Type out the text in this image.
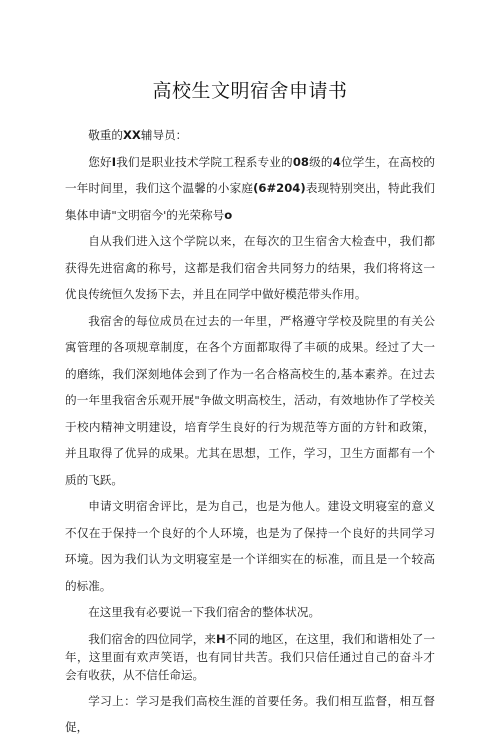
高校生文明宿舍申请书

敬重的XX辅导员：

您好I我们是职业技术学院工程系专业的08级的4位学生，在高校的一年时间里，我们这个温馨的小家庭(6#204)表现特别突出，特此我们集体申请"文明宿今'的光荣称号o

自从我们进入这个学院以来，在每次的卫生宿舍大检查中，我们都获得先进宿禽的称号，这都是我们宿舍共同努力的结果，我们将将这一优良传统恒久发扬下去，并且在同学中做好模范带头作用。

我宿舍的每位成员在过去的一年里，严格遵守学校及院里的有关公寓管理的各项规章制度，在各个方面都取得了丰硕的成果。经过了大一的磨练，我们深刻地体会到了作为一名合格高校生的,基本素养。在过去的一年里我宿舍乐观开展"争做文明高校生，活动，有效地协作了学校关于校内精神文明建设，培育学生良好的行为规范等方面的方针和政策，并且取得了优异的成果。尤其在思想，工作，学习，卫生方面都有一个质的飞跃。

申请文明宿舍评比，是为自己，也是为他人。建设文明寝室的意义不仅在于保持一个良好的个人环境，也是为了保持一个良好的共同学习环境。因为我们认为文明寝室是一个详细实在的标准，而且是一个较高的标准。

在这里我有必要说一下我们宿舍的整体状况。

我们宿舍的四位同学，来H不同的地区，在这里，我们和谐相处了一年，这里面有欢声笑语，也有同甘共苦。我们只信任通过自己的奋斗才会有收获，从不信任命运。

学习上：学习是我们高校生涯的首要任务。我们相互监督，相互督促，
